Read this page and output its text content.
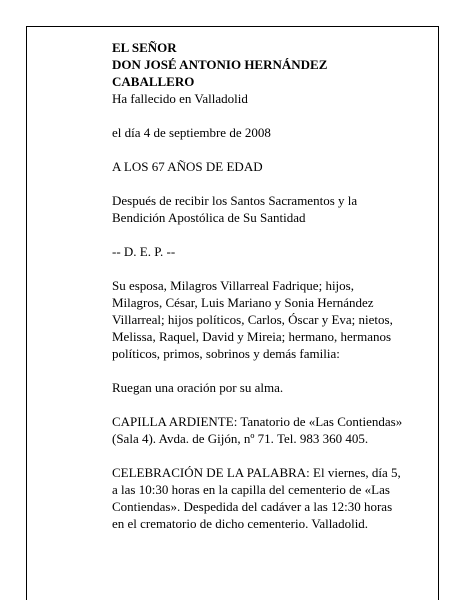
EL SEÑOR
DON JOSÉ ANTONIO HERNÁNDEZ
CABALLERO

Ha fallecido en Valladolid

el día 4 de septiembre de 2008

A LOS 67 AÑOS DE EDAD

Después de recibir los Santos Sacramentos y la
Bendición Apostólica de Su Santidad

-- D. E. P. --

Su esposa, Milagros Villarreal Fadrique; hijos,
Milagros, César, Luis Mariano y Sonia Hernández
Villarreal; hijos políticos, Carlos, Óscar y Eva; nietos,
Melissa, Raquel, David y Mireia; hermano, hermanos
políticos, primos, sobrinos y demás familia:

Ruegan una oración por su alma.

CAPILLA ARDIENTE: Tanatorio de «Las Contiendas»
(Sala 4). Avda. de Gijón, nº 71. Tel. 983 360 405.

CELEBRACIÓN DE LA PALABRA: El viernes, día 5,
a las 10:30 horas en la capilla del cementerio de «Las
Contiendas». Despedida del cadáver a las 12:30 horas
en el crematorio de dicho cementerio. Valladolid.
